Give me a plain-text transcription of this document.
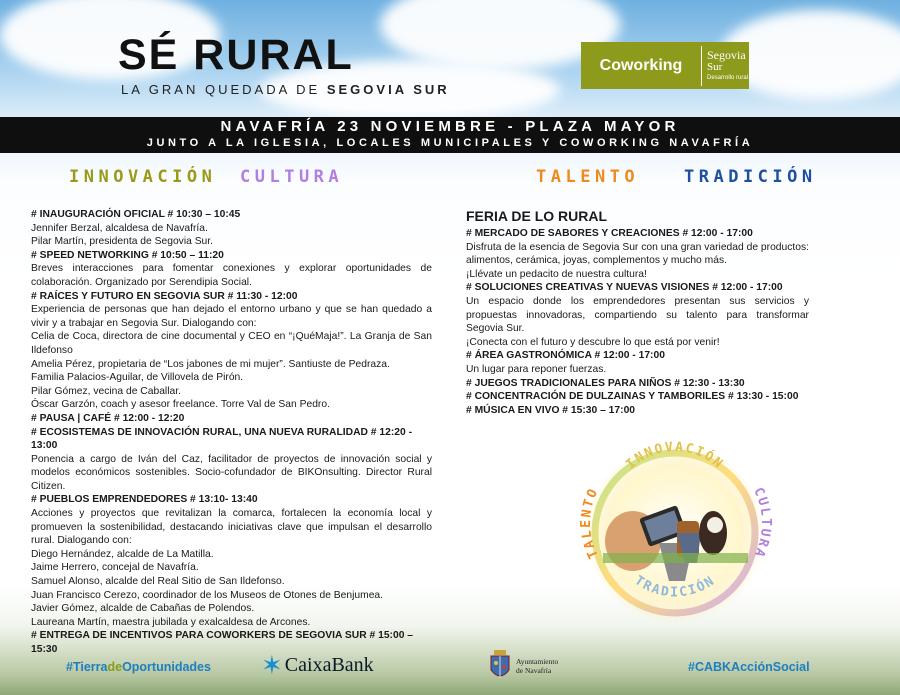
SÉ RURAL
LA GRAN QUEDADA DE SEGOVIA SUR
Coworking
Segovia
Sur
Desarrollo rural
NAVAFRÍA 23 NOVIEMBRE - PLAZA MAYOR
JUNTO A LA IGLESIA, LOCALES MUNICIPALES Y COWORKING NAVAFRÍA
INNOVACIÓN CULTURA	TALENTO	TRADICIÓN

# INAUGURACIÓN OFICIAL # 10:30 – 10:45

Jennifer Berzal, alcaldesa de Navafría.

Pilar Martín, presidenta de Segovia Sur.

# SPEED NETWORKING # 10:50 – 11:20

Breves interacciones para fomentar conexiones y explorar oportunidades de colaboración. Organizado por Serendipia Social.

# RAÍCES Y FUTURO EN SEGOVIA SUR # 11:30 - 12:00

Experiencia de personas que han dejado el entorno urbano y que se han quedado a vivir y a trabajar en Segovia Sur. Dialogando con:

Celia de Coca, directora de cine documental y CEO en “¡QuéMaja!”. La Granja de San Ildefonso

Amelia Pérez, propietaria de “Los jabones de mi mujer”. Santiuste de Pedraza.

Familia Palacios-Aguilar, de Villovela de Pirón.

Pilar Gómez, vecina de Caballar.

Óscar Garzón, coach y asesor freelance. Torre Val de San Pedro.

# PAUSA | CAFÉ # 12:00 - 12:20

# ECOSISTEMAS DE INNOVACIÓN RURAL, UNA NUEVA RURALIDAD # 12:20 - 13:00

Ponencia a cargo de Iván del Caz, facilitador de proyectos de innovación social y modelos económicos sostenibles. Socio-cofundador de BIKOnsulting. Director Rural Citizen.

# PUEBLOS EMPRENDEDORES # 13:10- 13:40

Acciones y proyectos que revitalizan la comarca, fortalecen la economía local y promueven la sostenibilidad, destacando iniciativas clave que impulsan el desarrollo rural. Dialogando con:

Diego Hernández, alcalde de La Matilla.

Jaime Herrero, concejal de Navafría.

Samuel Alonso, alcalde del Real Sitio de San Ildefonso.

Juan Francisco Cerezo, coordinador de los Museos de Otones de Benjumea.

Javier Gómez, alcalde de Cabañas de Polendos.

Laureana Martín, maestra jubilada y exalcaldesa de Arcones.

# ENTREGA DE INCENTIVOS PARA COWORKERS DE SEGOVIA SUR # 15:00 – 15:30

FERIA DE LO RURAL

# MERCADO DE SABORES Y CREACIONES # 12:00 - 17:00

Disfruta de la esencia de Segovia Sur con una gran variedad de productos: alimentos, cerámica, joyas, complementos y mucho más.

¡Llévate un pedacito de nuestra cultura!

# SOLUCIONES CREATIVAS Y NUEVAS VISIONES # 12:00 - 17:00

Un espacio donde los emprendedores presentan sus servicios y propuestas innovadoras, compartiendo su talento para transformar Segovia Sur.

¡Conecta con el futuro y descubre lo que está por venir!

# ÁREA GASTRONÓMICA # 12:00 - 17:00

Un lugar para reponer fuerzas.

# JUEGOS TRADICIONALES PARA NIÑOS # 12:30 - 13:30

# CONCENTRACIÓN DE DULZAINAS Y TAMBORILES # 13:30 - 15:00

# MÚSICA EN VIVO # 15:30 – 17:00

INNOVACIÓN
TRADICIÓN
TALENTO	CULTURA
#TierradeOportunidades ✶ CaixaBank	Ayuntamiento
de Navafría	#CABKAcciónSocial
